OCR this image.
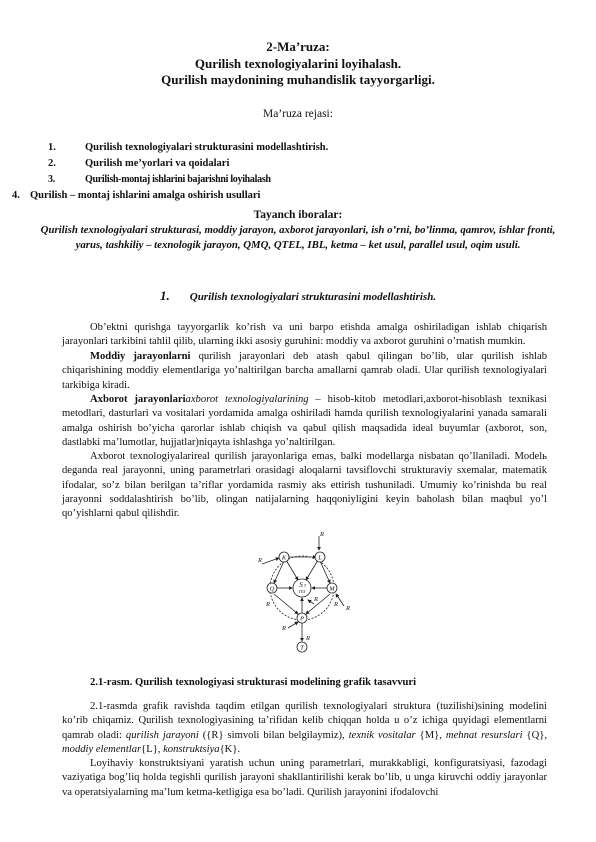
2-Ma’ruza:
Qurilish texnologiyalarini loyihalash.
Qurilish maydonining muhandislik tayyorgarligi.
Ma’ruza rejasi:
1.	Qurilish texnologiyalari strukturasini modellashtirish.
2.	Qurilish me’yorlari va qoidalari
3.	Qurilish-montaj ishlarini bajarishni loyihalash
4. Qurilish – montaj ishlarini amalga oshirish usullari
Tayanch iboralar:
Qurilish texnologiyalari strukturasi, moddiy jarayon, axborot jarayonlari, ish o’rni, bo’linma, qamrov, ishlar fronti, yarus, tashkiliy – texnologik jarayon, QMQ, QTEL, IBL, ketma – ket usul, parallel usul, oqim usuli.
1. Qurilish texnologiyalari strukturasini modellashtirish.
Ob’ektni qurishga tayyorgarlik ko’rish va uni barpo etishda amalga oshiriladigan ishlab chiqarish jarayonlari tarkibini tahlil qilib, ularning ikki asosiy guruhini: moddiy va axborot guruhini o’rnatish mumkin.
Moddiy jarayonlarni qurilish jarayonlari deb atash qabul qilingan bo’lib, ular qurilish ishlab chiqarishining moddiy elementlariga yo’naltirilgan barcha amallarni qamrab oladi. Ular qurilish texnologiyalari tarkibiga kiradi.
Axborot jarayonlariaxborot texnologiyalarining – hisob-kitob metodlari,axborot-hisoblash texnikasi metodlari, dasturlari va vositalari yordamida amalga oshiriladi hamda qurilish texnologiyalarini yanada samarali amalga oshirish bo’yicha qarorlar ishlab chiqish va qabul qilish maqsadida ideal buyumlar (axborot, son, dastlabki ma’lumotlar, hujjatlar)niqayta ishlashga yo’naltirilgan.
Axborot texnologiyalarireal qurilish jarayonlariga emas, balki modellarga nisbatan qo’llaniladi. Modelь deganda real jarayonni, uning parametrlari orasidagi aloqalarni tavsiflovchi strukturaviy sxemalar, matematik ifodalar, so’z bilan berilgan ta’riflar yordamida rasmiy aks ettirish tushuniladi. Umumiy ko’rinishda bu real jarayonni soddalashtirish bo’lib, olingan natijalarning haqqoniyligini keyin baholash bilan maqbul yo’l qo’yishlarni qabul qilishdir.
K	L
Q	M
P
T
S T
TEX
R
R
R
R
R
R	R
R
2.1-rasm. Qurilish texnologiyasi strukturasi modelining grafik tasavvuri
2.1-rasmda grafik ravishda taqdim etilgan qurilish texnologiyalari struktura (tuzilishi)sining modelini ko’rib chiqamiz. Qurilish texnologiyasining ta’rifidan kelib chiqqan holda u o’z ichiga quyidagi elementlarni qamrab oladi: qurilish jarayoni ({R} simvoli bilan belgilaymiz), texnik vositalar {M}, mehnat resurslari {Q}, moddiy elementlar{L}, konstruktsiya{K}.
Loyihaviy konstruktsiyani yaratish uchun uning parametrlari, murakkabligi, konfiguratsiyasi, fazodagi vaziyatiga bog’liq holda tegishli qurilish jarayoni shakllantirilishi kerak bo’lib, u unga kiruvchi oddiy jarayonlar va operatsiyalarning ma’lum ketma-ketligiga esa bo’ladi. Qurilish jarayonini ifodalovchi
